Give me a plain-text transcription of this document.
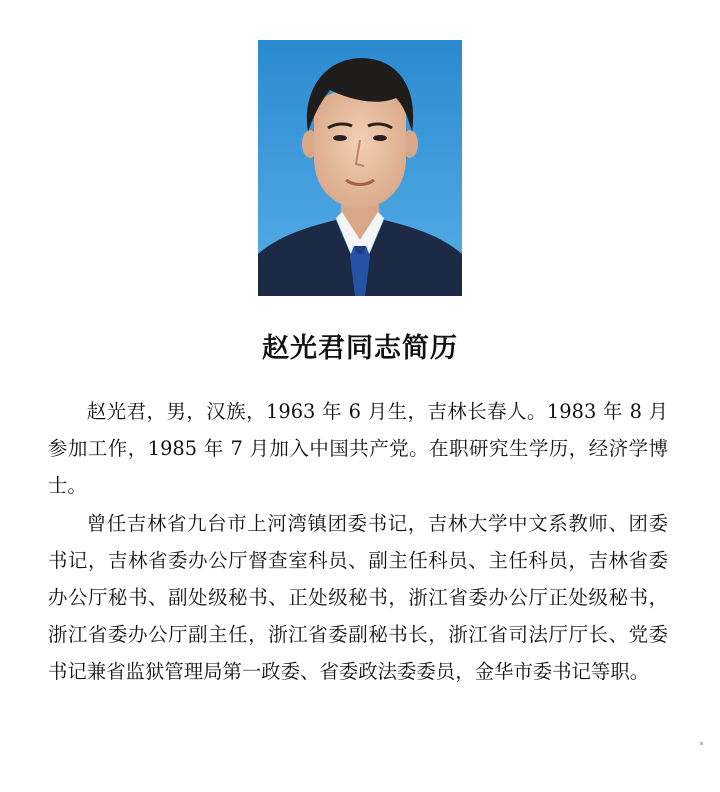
赵光君同志简历

赵光君，男，汉族，1963 年 6 月生，吉林长春人。1983 年 8 月参加工作，1985 年 7 月加入中国共产党。在职研究生学历，经济学博士。

曾任吉林省九台市上河湾镇团委书记，吉林大学中文系教师、团委书记，吉林省委办公厅督查室科员、副主任科员、主任科员，吉林省委办公厅秘书、副处级秘书、正处级秘书，浙江省委办公厅正处级秘书，浙江省委办公厅副主任，浙江省委副秘书长，浙江省司法厅厅长、党委书记兼省监狱管理局第一政委、省委政法委委员，金华市委书记等职。
